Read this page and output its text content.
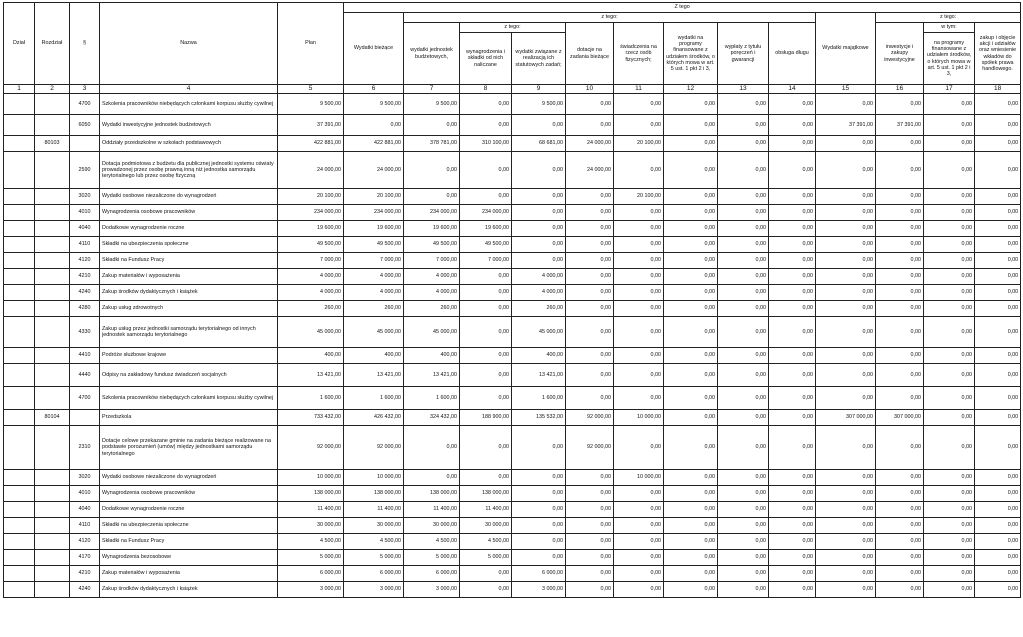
Dział	Rozdział	§	Nazwa	Plan	Z tego												
					Wydatki bieżące	z tego:								Wydatki majątkowe	z tego:		
						wydatki jednostek budżetowych,	z tego:		dotacje na zadania bieżące	świadczenia na rzecz osób fizycznych;	wydatki na programy finansowane z udziałem środków, o których mowa w art. 5 ust. 1 pkt 2 i 3,	wypłaty z tytułu poręczeń i gwarancji	obsługa długu		inwestycje i zakupy inwestycyjne	w tym:	zakup i objęcie akcji i udziałów oraz wniesienie wkładów do spółek prawa handlowego.
							wynagrodzenia i składki od nich naliczane	wydatki związane z realizacją ich statutowych zadań;								na programy finansowane z udziałem środków, o których mowa w art. 5 ust. 1 pkt 2 i 3,	
1	2	3	4	5	6	7	8	9	10	11	12	13	14	15	16	17	18
		4700	Szkolenia pracowników niebędących członkami korpusu służby cywilnej	9 500,00	9 500,00	9 500,00	0,00	9 500,00	0,00	0,00	0,00	0,00	0,00	0,00	0,00	0,00	0,00
		6050	Wydatki inwestycyjne jednostek budżetowych	37 391,00	0,00	0,00	0,00	0,00	0,00	0,00	0,00	0,00	0,00	37 391,00	37 391,00	0,00	0,00
	80103		Oddziały przedszkolne w szkołach podstawowych	422 881,00	422 881,00	378 781,00	310 100,00	68 681,00	24 000,00	20 100,00	0,00	0,00	0,00	0,00	0,00	0,00	0,00
		2590	Dotacja podmiotowa z budżetu dla publicznej jednostki systemu oświaty prowadzonej przez osobę prawną inną niż jednostka samorządu terytorialnego lub przez osobę fizyczną	24 000,00	24 000,00	0,00	0,00	0,00	24 000,00	0,00	0,00	0,00	0,00	0,00	0,00	0,00	0,00
		3020	Wydatki osobowe niezaliczone do wynagrodzeń	20 100,00	20 100,00	0,00	0,00	0,00	0,00	20 100,00	0,00	0,00	0,00	0,00	0,00	0,00	0,00
		4010	Wynagrodzenia osobowe pracowników	234 000,00	234 000,00	234 000,00	234 000,00	0,00	0,00	0,00	0,00	0,00	0,00	0,00	0,00	0,00	0,00
		4040	Dodatkowe wynagrodzenie roczne	19 600,00	19 600,00	19 600,00	19 600,00	0,00	0,00	0,00	0,00	0,00	0,00	0,00	0,00	0,00	0,00
		4110	Składki na ubezpieczenia społeczne	49 500,00	49 500,00	49 500,00	49 500,00	0,00	0,00	0,00	0,00	0,00	0,00	0,00	0,00	0,00	0,00
		4120	Składki na Fundusz Pracy	7 000,00	7 000,00	7 000,00	7 000,00	0,00	0,00	0,00	0,00	0,00	0,00	0,00	0,00	0,00	0,00
		4210	Zakup materiałów i wyposażenia	4 000,00	4 000,00	4 000,00	0,00	4 000,00	0,00	0,00	0,00	0,00	0,00	0,00	0,00	0,00	0,00
		4240	Zakup środków dydaktycznych i książek	4 000,00	4 000,00	4 000,00	0,00	4 000,00	0,00	0,00	0,00	0,00	0,00	0,00	0,00	0,00	0,00
		4280	Zakup usług zdrowotnych	260,00	260,00	260,00	0,00	260,00	0,00	0,00	0,00	0,00	0,00	0,00	0,00	0,00	0,00
		4330	Zakup usług przez jednostki samorządu terytorialnego od innych jednostek samorządu terytorialnego	45 000,00	45 000,00	45 000,00	0,00	45 000,00	0,00	0,00	0,00	0,00	0,00	0,00	0,00	0,00	0,00
		4410	Podróże służbowe krajowe	400,00	400,00	400,00	0,00	400,00	0,00	0,00	0,00	0,00	0,00	0,00	0,00	0,00	0,00
		4440	Odpisy na zakładowy fundusz świadczeń socjalnych	13 421,00	13 421,00	13 421,00	0,00	13 421,00	0,00	0,00	0,00	0,00	0,00	0,00	0,00	0,00	0,00
		4700	Szkolenia pracowników niebędących członkami korpusu służby cywilnej	1 600,00	1 600,00	1 600,00	0,00	1 600,00	0,00	0,00	0,00	0,00	0,00	0,00	0,00	0,00	0,00
	80104		Przedszkola	733 432,00	426 432,00	324 432,00	188 900,00	135 532,00	92 000,00	10 000,00	0,00	0,00	0,00	307 000,00	307 000,00	0,00	0,00
		2310	Dotacje celowe przekazane gminie na zadania bieżące realizowane na podstawie porozumień (umów) między jednostkami samorządu terytorialnego	92 000,00	92 000,00	0,00	0,00	0,00	92 000,00	0,00	0,00	0,00	0,00	0,00	0,00	0,00	0,00
		3020	Wydatki osobowe niezaliczone do wynagrodzeń	10 000,00	10 000,00	0,00	0,00	0,00	0,00	10 000,00	0,00	0,00	0,00	0,00	0,00	0,00	0,00
		4010	Wynagrodzenia osobowe pracowników	138 000,00	138 000,00	138 000,00	138 000,00	0,00	0,00	0,00	0,00	0,00	0,00	0,00	0,00	0,00	0,00
		4040	Dodatkowe wynagrodzenie roczne	11 400,00	11 400,00	11 400,00	11 400,00	0,00	0,00	0,00	0,00	0,00	0,00	0,00	0,00	0,00	0,00
		4110	Składki na ubezpieczenia społeczne	30 000,00	30 000,00	30 000,00	30 000,00	0,00	0,00	0,00	0,00	0,00	0,00	0,00	0,00	0,00	0,00
		4120	Składki na Fundusz Pracy	4 500,00	4 500,00	4 500,00	4 500,00	0,00	0,00	0,00	0,00	0,00	0,00	0,00	0,00	0,00	0,00
		4170	Wynagrodzenia bezosobowe	5 000,00	5 000,00	5 000,00	5 000,00	0,00	0,00	0,00	0,00	0,00	0,00	0,00	0,00	0,00	0,00
		4210	Zakup materiałów i wyposażenia	6 000,00	6 000,00	6 000,00	0,00	6 000,00	0,00	0,00	0,00	0,00	0,00	0,00	0,00	0,00	0,00
		4240	Zakup środków dydaktycznych i książek	3 000,00	3 000,00	3 000,00	0,00	3 000,00	0,00	0,00	0,00	0,00	0,00	0,00	0,00	0,00	0,00
